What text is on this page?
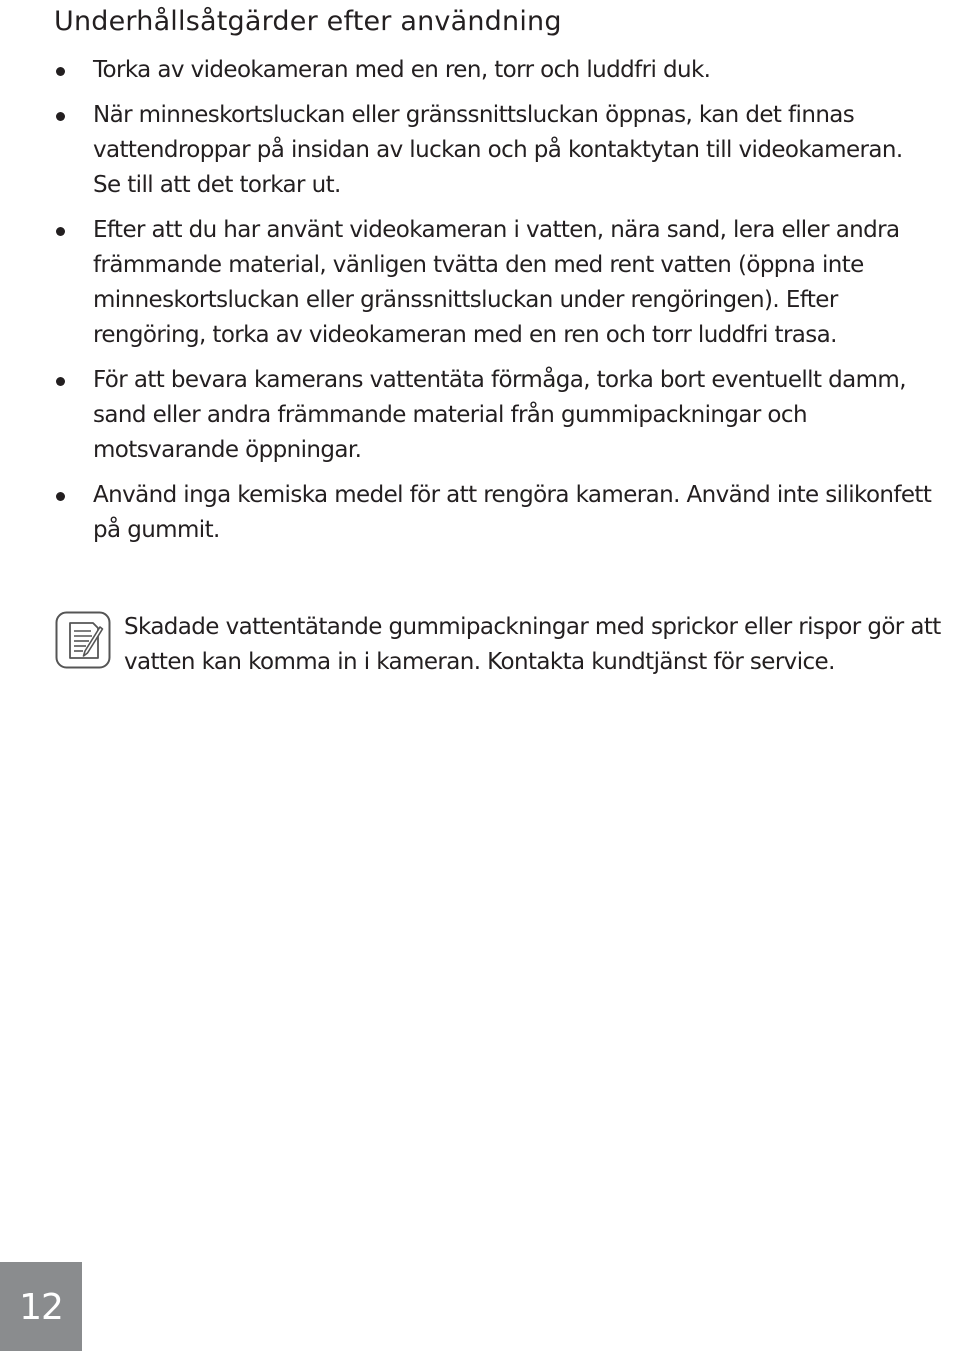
Underhållsåtgärder efter användning
Torka av videokameran med en ren, torr och luddfri duk.
När minneskortsluckan eller gränssnittsluckan öppnas, kan det finnas vattendroppar på insidan av luckan och på kontaktytan till videokameran. Se till att det torkar ut.
Efter att du har använt videokameran i vatten, nära sand, lera eller andra främmande material, vänligen tvätta den med rent vatten (öppna inte minneskortsluckan eller gränssnittsluckan under rengöringen). Efter rengöring, torka av videokameran med en ren och torr luddfri trasa.
För att bevara kamerans vattentäta förmåga, torka bort eventuellt damm, sand eller andra främmande material från gummipackningar och motsvarande öppningar.
Använd inga kemiska medel för att rengöra kameran. Använd inte silikonfett på gummit.

Skadade vattentätande gummipackningar med sprickor eller rispor gör att vatten kan komma in i kameran. Kontakta kundtjänst för service.

12
